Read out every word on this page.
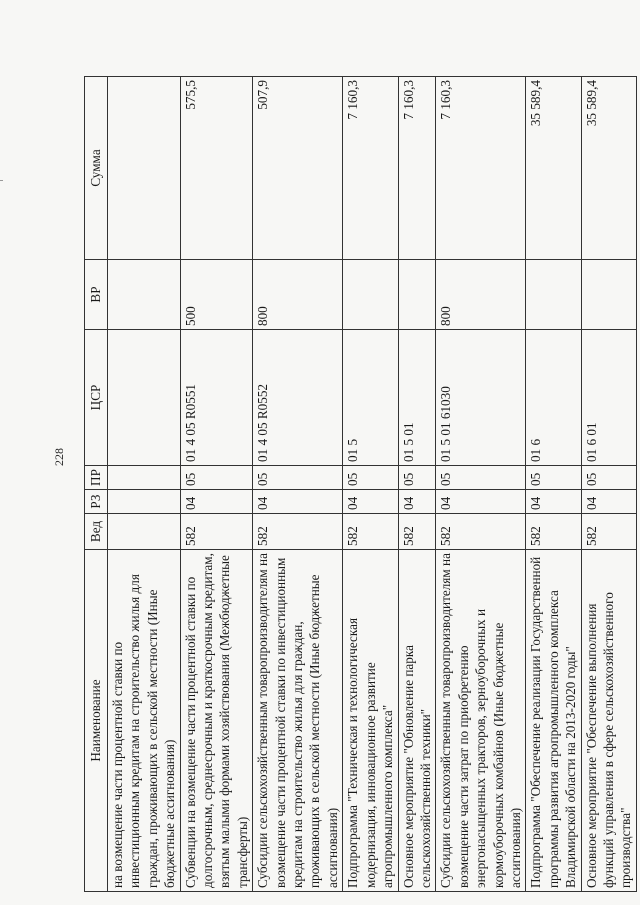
228
Наименование	Вед	РЗ	ПР	ЦСР	ВР	Сумма
на возмещение части процентной ставки по инвестиционным кредитам на строительство жилья для граждан, проживающих в сельской местности (Иные бюджетные ассигнования)						
Субвенции на возмещение части процентной ставки по долгосрочным, среднесрочным и краткосрочным кредитам, взятым малыми формами хозяйствования (Межбюджетные трансферты)	582	04	05	01 4 05 R0551	500	575,5
Субсидии сельскохозяйственным товаропроизводителям на возмещение части процентной ставки по инвестиционным кредитам на строительство жилья для граждан, проживающих в сельской местности (Иные бюджетные ассигнования)	582	04	05	01 4 05 R0552	800	507,9
Подпрограмма "Техническая и технологическая модернизация, инновационное развитие агропромышленного комплекса"	582	04	05	01 5		7 160,3
Основное мероприятие "Обновление парка сельскохозяйственной техники"	582	04	05	01 5 01		7 160,3
Субсидии сельскохозяйственным товаропроизводителям на возмещение части затрат по приобретению энергонасыщенных тракторов, зерноуборочных и кормоуборочных комбайнов (Иные бюджетные ассигнования)	582	04	05	01 5 01 61030	800	7 160,3
Подпрограмма "Обеспечение реализации Государственной программы развития агропромышленного комплекса Владимирской области на 2013-2020 годы"	582	04	05	01 6		35 589,4
Основное мероприятие "Обеспечение выполнения функций управления в сфере сельскохозяйственного производства"	582	04	05	01 6 01		35 589,4
